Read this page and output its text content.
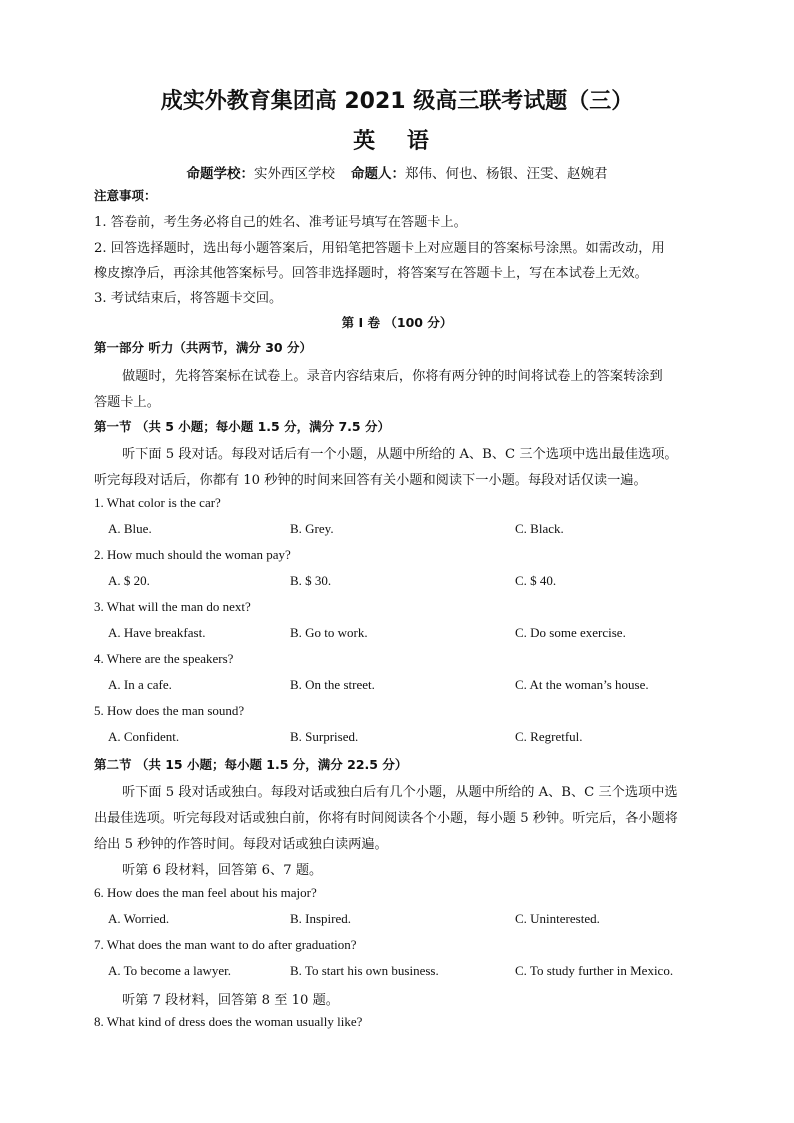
成实外教育集团高 2021 级高三联考试题（三）
英 语
命题学校：实外西区学校 命题人：郑伟、何也、杨银、汪雯、赵婉君
注意事项：
1. 答卷前，考生务必将自己的姓名、准考证号填写在答题卡上。
2. 回答选择题时，选出每小题答案后，用铅笔把答题卡上对应题目的答案标号涂黑。如需改动，用
橡皮擦净后，再涂其他答案标号。回答非选择题时，将答案写在答题卡上，写在本试卷上无效。
3. 考试结束后，将答题卡交回。
第 I 卷 （100 分）
第一部分 听力（共两节，满分 30 分）
做题时，先将答案标在试卷上。录音内容结束后，你将有两分钟的时间将试卷上的答案转涂到
答题卡上。
第一节 （共 5 小题；每小题 1.5 分，满分 7.5 分）
听下面 5 段对话。每段对话后有一个小题，从题中所给的 A、B、C 三个选项中选出最佳选项。
听完每段对话后，你都有 10 秒钟的时间来回答有关小题和阅读下一小题。每段对话仅读一遍。
1. What color is the car?
A. Blue.	B. Grey.	C. Black.
2. How much should the woman pay?
A. $ 20.	B. $ 30.	C. $ 40.
3. What will the man do next?
A. Have breakfast.	B. Go to work.	C. Do some exercise.
4. Where are the speakers?
A. In a cafe.	B. On the street.	C. At the woman’s house.
5. How does the man sound?
A. Confident.	B. Surprised.	C. Regretful.
第二节 （共 15 小题；每小题 1.5 分，满分 22.5 分）
听下面 5 段对话或独白。每段对话或独白后有几个小题，从题中所给的 A、B、C 三个选项中选
出最佳选项。听完每段对话或独白前，你将有时间阅读各个小题，每小题 5 秒钟。听完后，各小题将
给出 5 秒钟的作答时间。每段对话或独白读两遍。
听第 6 段材料，回答第 6、7 题。
6. How does the man feel about his major?
A. Worried.	B. Inspired.	C. Uninterested.
7. What does the man want to do after graduation?
A. To become a lawyer.	B. To start his own business.	C. To study further in Mexico.
听第 7 段材料，回答第 8 至 10 题。
8. What kind of dress does the woman usually like?
